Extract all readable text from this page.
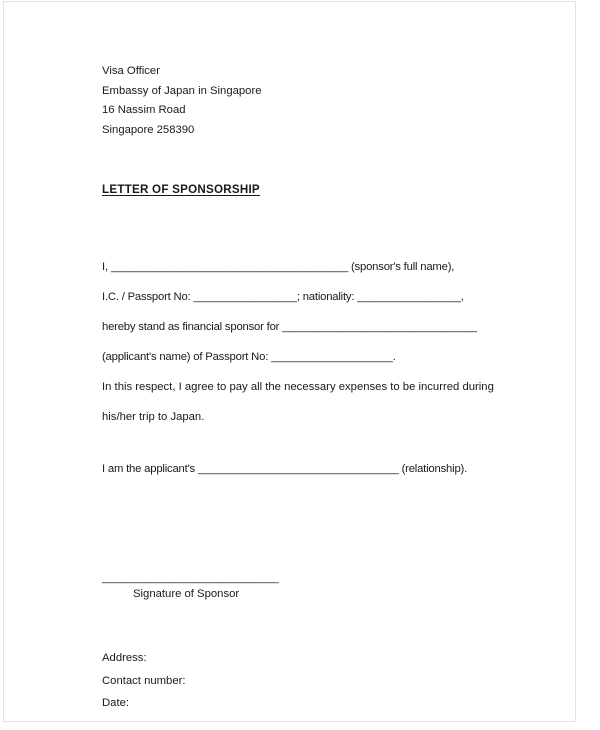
Visa Officer
Embassy of Japan in Singapore
16 Nassim Road
Singapore 258390
LETTER OF SPONSORSHIP
I, _______________________________________ (sponsor's full name),
I.C. / Passport No: _________________; nationality: _________________,
hereby stand as financial sponsor for ________________________________
(applicant's name) of Passport No: ____________________.
In this respect, I agree to pay all the necessary expenses to be incurred during
his/her trip to Japan.
I am the applicant's _________________________________ (relationship).
_____________________________
Signature of Sponsor
Address:
Contact number:
Date:
